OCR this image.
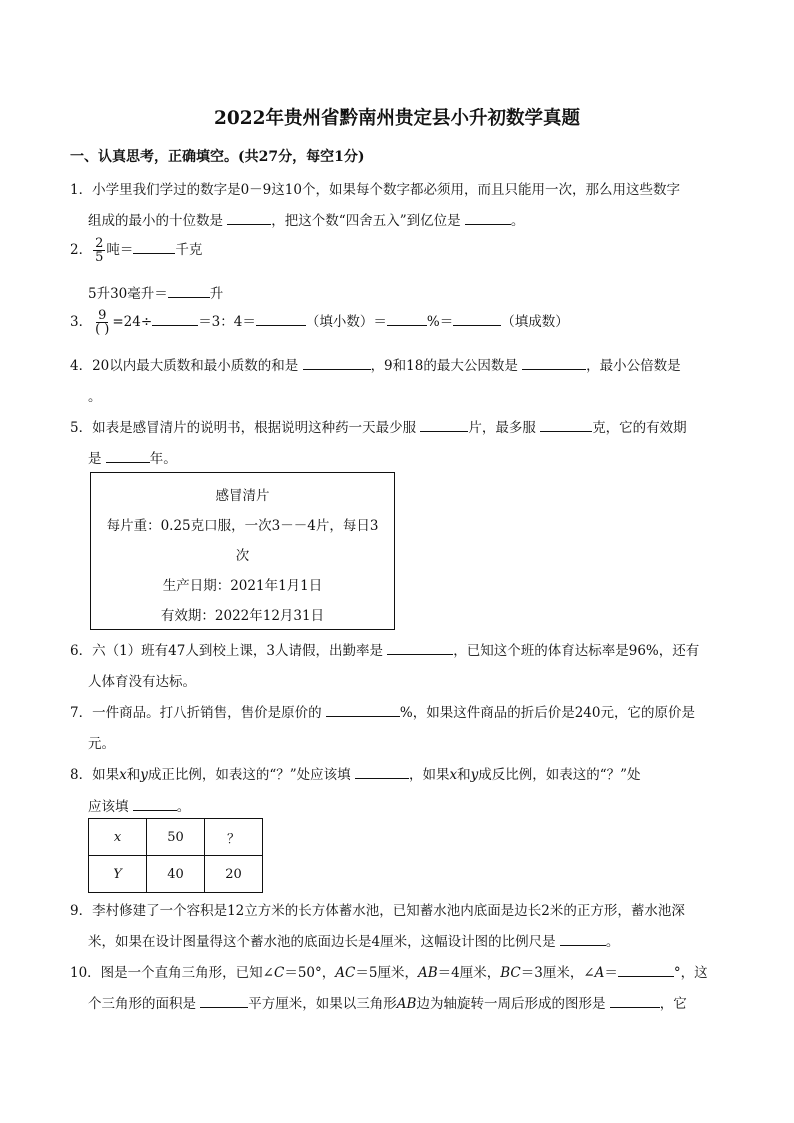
2022年贵州省黔南州贵定县小升初数学真题
一、认真思考，正确填空。(共27分，每空1分)
1．小学里我们学过的数字是0－9这10个，如果每个数字都必须用，而且只能用一次，那么用这些数字
组成的最小的十位数是	，把这个数“四舍五入”到亿位是	。
2． $\frac{2}{5}$ 吨＝	千克
5升30毫升＝	升
3． $\frac{9}{( )} =24\div$	＝3：4＝	（填小数）＝	%＝	（填成数）
4．20以内最大质数和最小质数的和是	，9和18的最大公因数是	，最小公倍数是
。
5．如表是感冒清片的说明书，根据说明这种药一天最少服	片，最多服	克，它的有效期
是	年。
感冒清片
每片重：0.25克口服，一次3－－4片，每日3
次
生产日期：2021年1月1日
有效期：2022年12月31日
6．六（1）班有47人到校上课，3人请假，出勤率是	，已知这个班的体育达标率是96%，还有
人体育没有达标。
7．一件商品。打八折销售，售价是原价的	%，如果这件商品的折后价是240元，它的原价是
元。
8．如果x和y成正比例，如表这的“？”处应该填	，如果x和y成反比例，如表这的“？”处
应该填	。
x	50	？
Y	40	20
9．李村修建了一个容积是12立方米的长方体蓄水池，已知蓄水池内底面是边长2米的正方形，蓄水池深
米，如果在设计图量得这个蓄水池的底面边长是4厘米，这幅设计图的比例尺是	。
10．图是一个直角三角形，已知∠C＝50°，AC＝5厘米，AB＝4厘米，BC＝3厘米，∠A＝	°，这
个三角形的面积是	平方厘米，如果以三角形AB边为轴旋转一周后形成的图形是	，它
